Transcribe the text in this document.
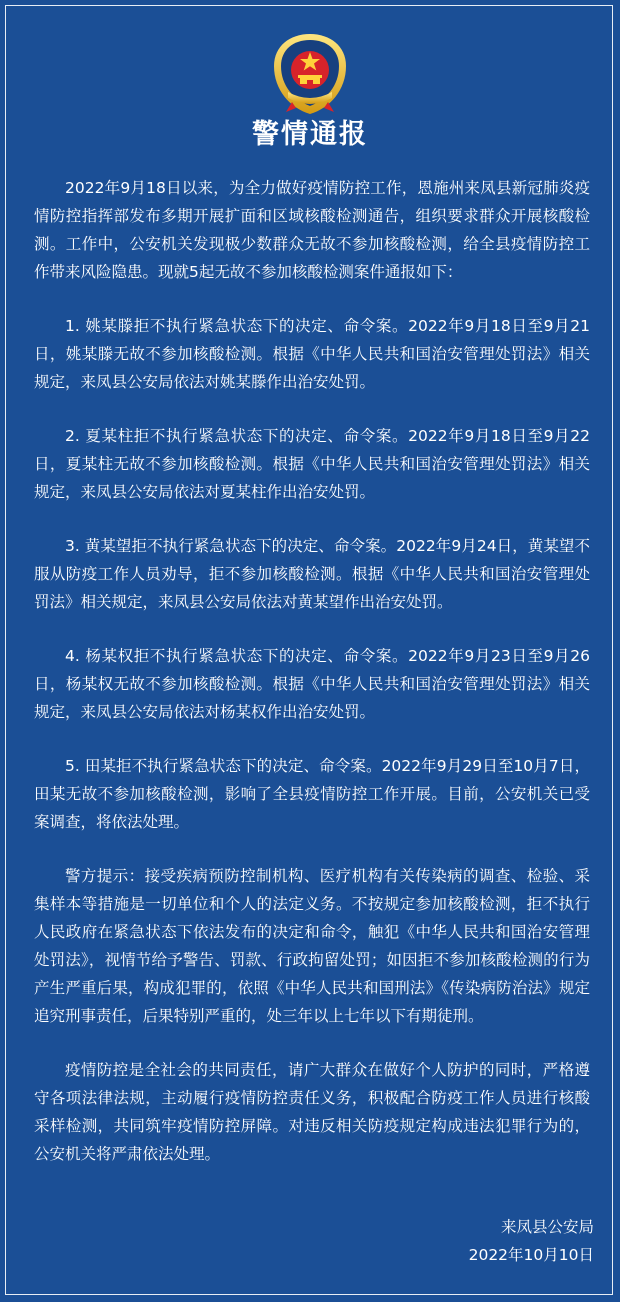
警情通报

2022年9月18日以来，为全力做好疫情防控工作，恩施州来凤县新冠肺炎疫情防控指挥部发布多期开展扩面和区域核酸检测通告，组织要求群众开展核酸检测。工作中，公安机关发现极少数群众无故不参加核酸检测，给全县疫情防控工作带来风险隐患。现就5起无故不参加核酸检测案件通报如下：

1. 姚某滕拒不执行紧急状态下的决定、命令案。2022年9月18日至9月21日，姚某滕无故不参加核酸检测。根据《中华人民共和国治安管理处罚法》相关规定，来凤县公安局依法对姚某滕作出治安处罚。

2. 夏某柱拒不执行紧急状态下的决定、命令案。2022年9月18日至9月22日，夏某柱无故不参加核酸检测。根据《中华人民共和国治安管理处罚法》相关规定，来凤县公安局依法对夏某柱作出治安处罚。

3. 黄某望拒不执行紧急状态下的决定、命令案。2022年9月24日，黄某望不服从防疫工作人员劝导，拒不参加核酸检测。根据《中华人民共和国治安管理处罚法》相关规定，来凤县公安局依法对黄某望作出治安处罚。

4. 杨某权拒不执行紧急状态下的决定、命令案。2022年9月23日至9月26日，杨某权无故不参加核酸检测。根据《中华人民共和国治安管理处罚法》相关规定，来凤县公安局依法对杨某权作出治安处罚。

5. 田某拒不执行紧急状态下的决定、命令案。2022年9月29日至10月7日，田某无故不参加核酸检测，影响了全县疫情防控工作开展。目前，公安机关已受案调查，将依法处理。

警方提示：接受疾病预防控制机构、医疗机构有关传染病的调查、检验、采集样本等措施是一切单位和个人的法定义务。不按规定参加核酸检测，拒不执行人民政府在紧急状态下依法发布的决定和命令，触犯《中华人民共和国治安管理处罚法》，视情节给予警告、罚款、行政拘留处罚；如因拒不参加核酸检测的行为产生严重后果，构成犯罪的，依照《中华人民共和国刑法》《传染病防治法》规定追究刑事责任，后果特别严重的，处三年以上七年以下有期徒刑。

疫情防控是全社会的共同责任，请广大群众在做好个人防护的同时，严格遵守各项法律法规，主动履行疫情防控责任义务，积极配合防疫工作人员进行核酸采样检测，共同筑牢疫情防控屏障。对违反相关防疫规定构成违法犯罪行为的，公安机关将严肃依法处理。

来凤县公安局
2022年10月10日
